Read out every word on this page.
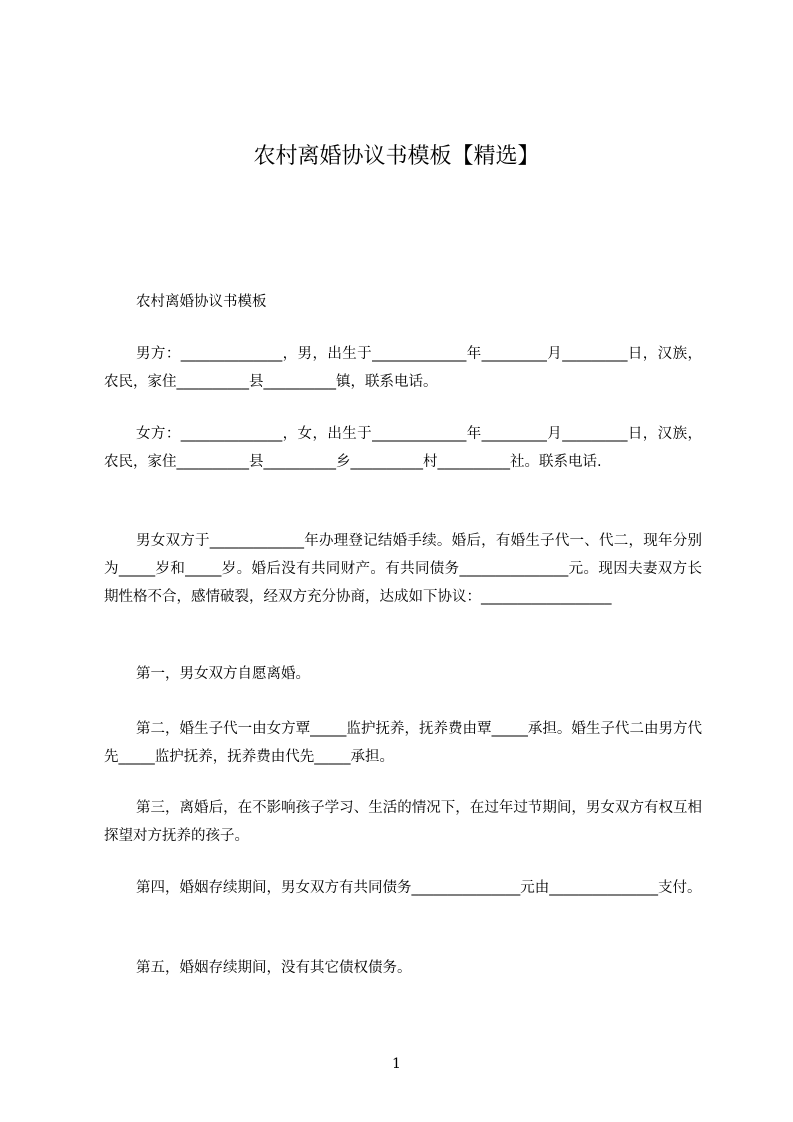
农村离婚协议书模板【精选】

农村离婚协议书模板

男方：______________，男，出生于_____________年_________月_________日，汉族，农民，家住__________县__________镇，联系电话。

女方：______________，女，出生于_____________年_________月_________日，汉族，农民，家住__________县__________乡__________村__________社。联系电话.

男女双方于_____________年办理登记结婚手续。婚后，有婚生子代一、代二，现年分别为_____岁和_____岁。婚后没有共同财产。有共同债务_______________元。现因夫妻双方长期性格不合，感情破裂，经双方充分协商，达成如下协议：__________________

第一，男女双方自愿离婚。

第二，婚生子代一由女方覃_____监护抚养，抚养费由覃_____承担。婚生子代二由男方代先_____监护抚养，抚养费由代先_____承担。

第三，离婚后，在不影响孩子学习、生活的情况下，在过年过节期间，男女双方有权互相探望对方抚养的孩子。

第四，婚姻存续期间，男女双方有共同债务_______________元由_______________支付。

第五，婚姻存续期间，没有其它债权债务。

1
